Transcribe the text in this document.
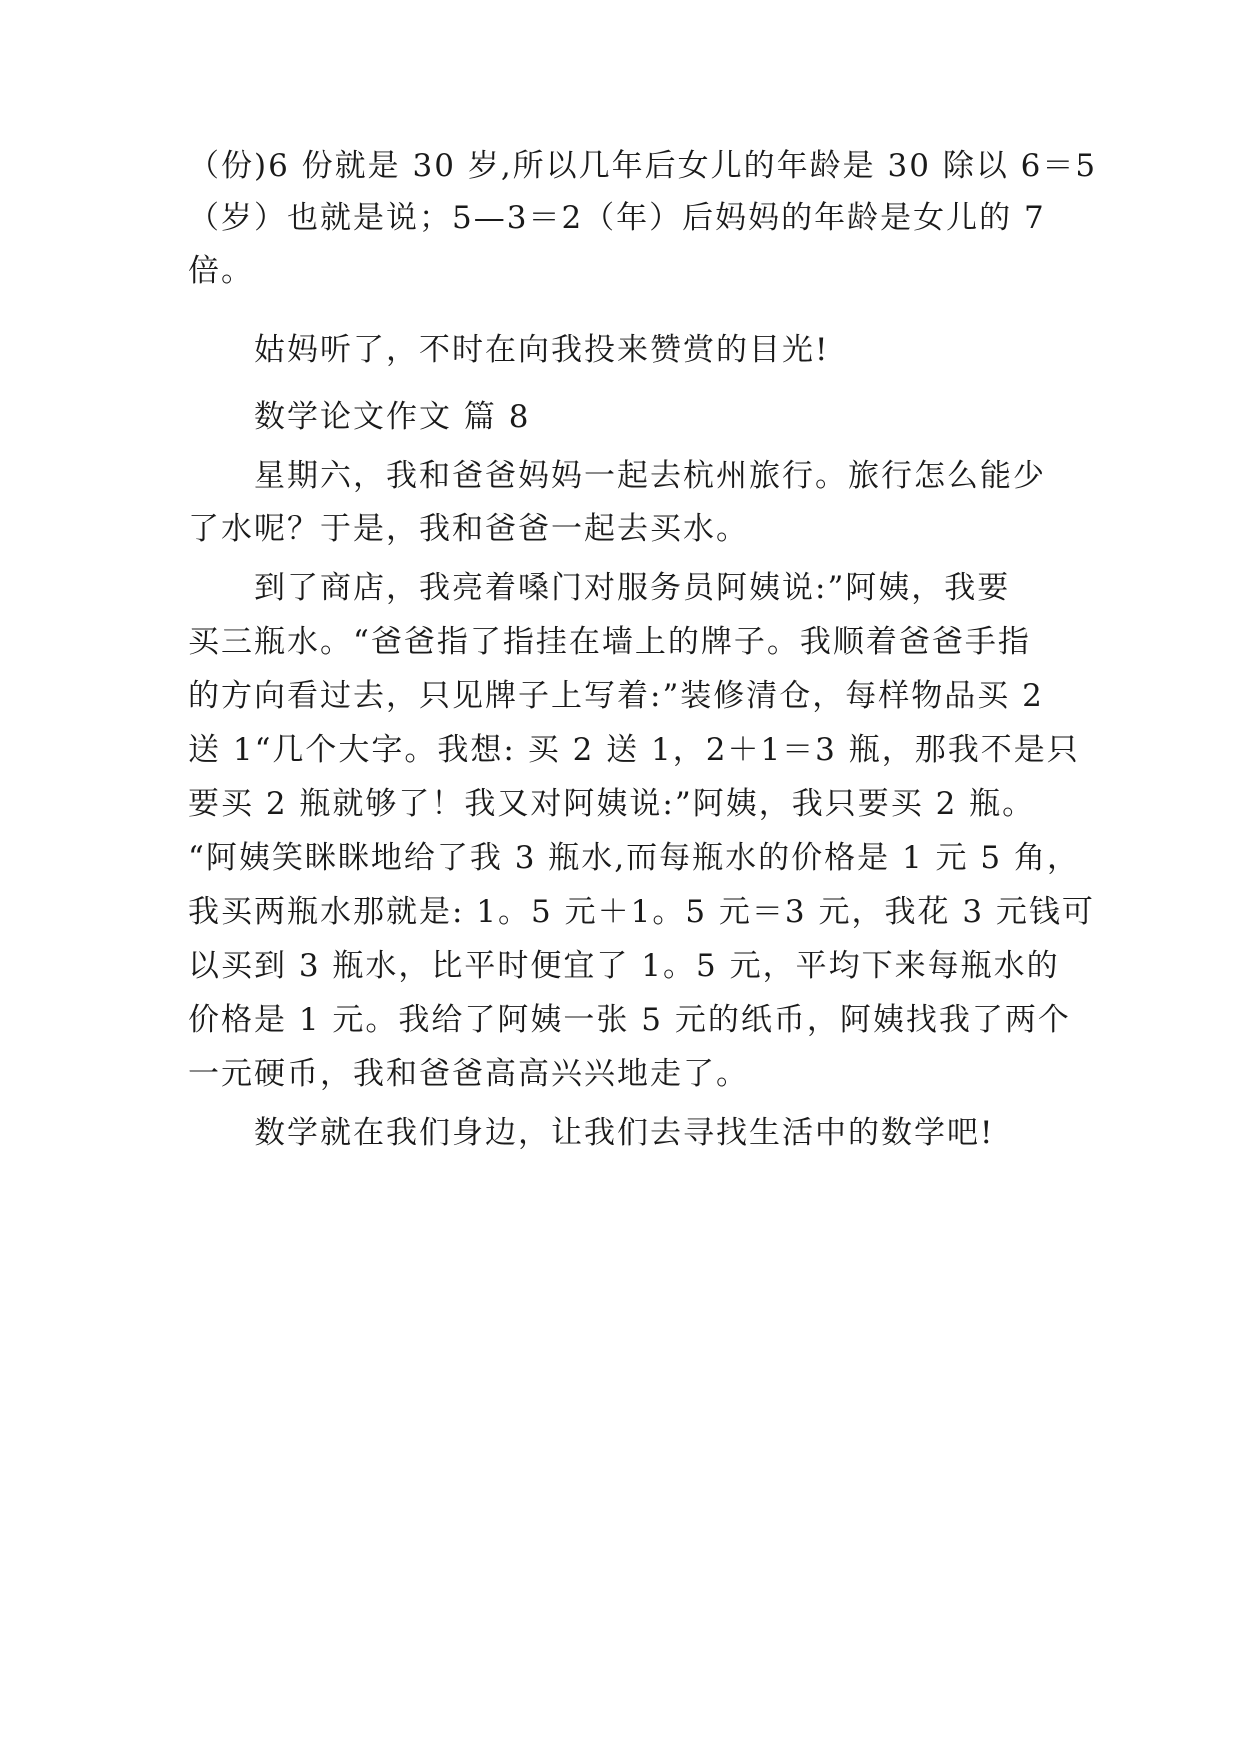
（份)6 份就是 30 岁,所以几年后女儿的年龄是 30 除以 6＝5
（岁）也就是说；5—3＝2（年）后妈妈的年龄是女儿的 7
倍。
姑妈听了，不时在向我投来赞赏的目光!
数学论文作文 篇 8
星期六，我和爸爸妈妈一起去杭州旅行。旅行怎么能少
了水呢？于是，我和爸爸一起去买水。
到了商店，我亮着嗓门对服务员阿姨说:”阿姨，我要
买三瓶水。“爸爸指了指挂在墙上的牌子。我顺着爸爸手指
的方向看过去，只见牌子上写着:”装修清仓，每样物品买 2
送 1“几个大字。我想: 买 2 送 1，2＋1＝3 瓶，那我不是只
要买 2 瓶就够了！我又对阿姨说:”阿姨，我只要买 2 瓶。
“阿姨笑眯眯地给了我 3 瓶水,而每瓶水的价格是 1 元 5 角，
我买两瓶水那就是: 1。5 元＋1。5 元＝3 元，我花 3 元钱可
以买到 3 瓶水，比平时便宜了 1。5 元，平均下来每瓶水的
价格是 1 元。我给了阿姨一张 5 元的纸币，阿姨找我了两个
一元硬币，我和爸爸高高兴兴地走了。
数学就在我们身边，让我们去寻找生活中的数学吧!
